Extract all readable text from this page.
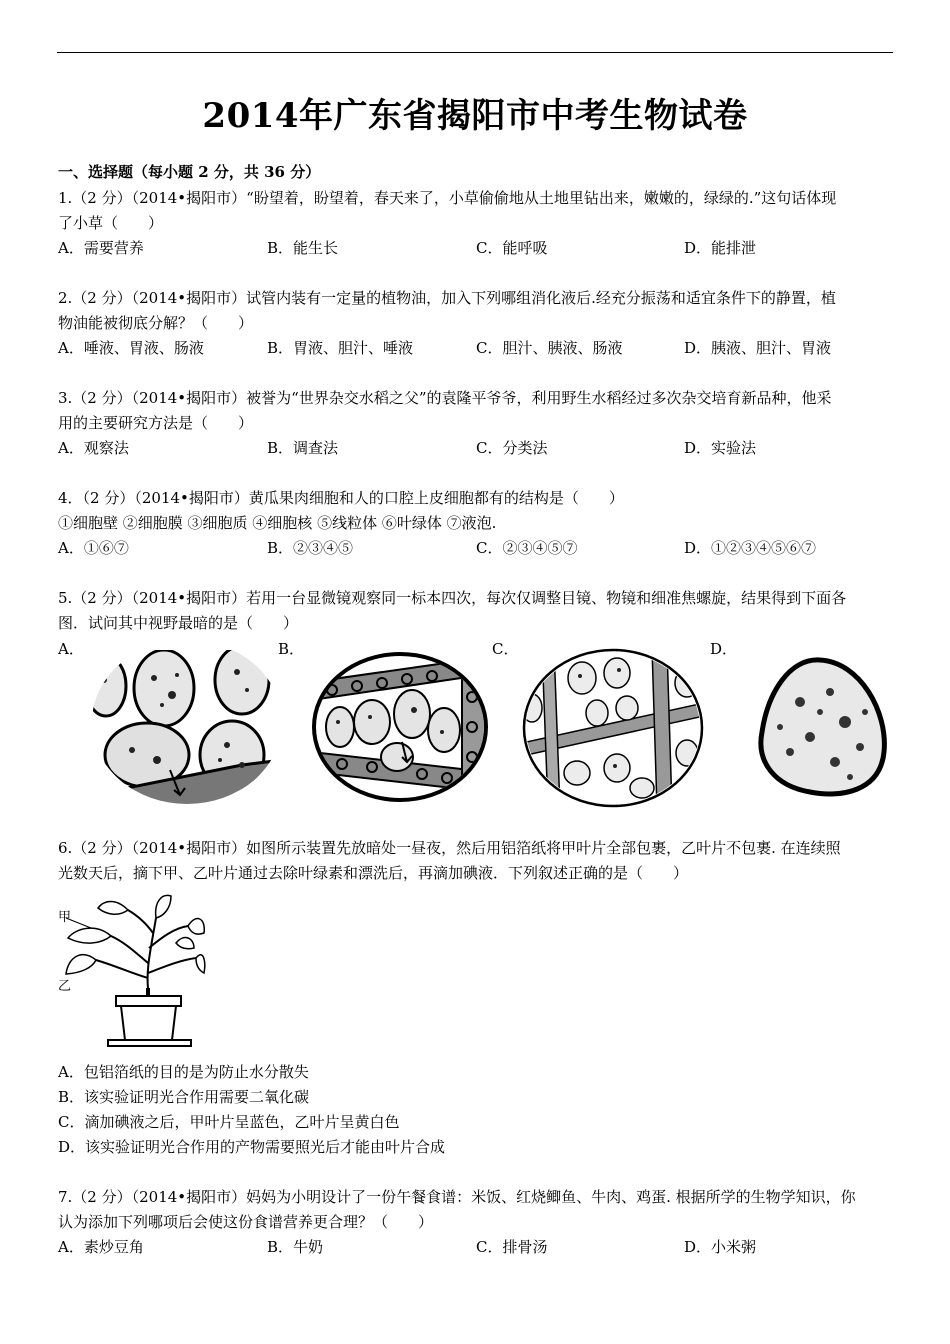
2014年广东省揭阳市中考生物试卷
一、选择题（每小题 2 分，共 36 分）
1.（2 分）（2014•揭阳市）“盼望着，盼望着，春天来了，小草偷偷地从土地里钻出来，嫩嫩的，绿绿的.”这句话体现
了小草（　　）
A．需要营养	B．能生长	C．能呼吸	D．能排泄
2.（2 分）（2014•揭阳市）试管内装有一定量的植物油，加入下列哪组消化液后.经充分振荡和适宜条件下的静置，植
物油能被彻底分解？（　　）
A．唾液、胃液、肠液	B．胃液、胆汁、唾液	C．胆汁、胰液、肠液	D．胰液、胆汁、胃液
3.（2 分）（2014•揭阳市）被誉为“世界杂交水稻之父”的袁隆平爷爷，利用野生水稻经过多次杂交培育新品种，他采
用的主要研究方法是（　　）
A．观察法	B．调查法	C．分类法	D．实验法
4．（2 分）（2014•揭阳市）黄瓜果肉细胞和人的口腔上皮细胞都有的结构是（　　）
①细胞壁 ②细胞膜 ③细胞质 ④细胞核 ⑤线粒体 ⑥叶绿体 ⑦液泡.
A．①⑥⑦	B．②③④⑤	C．②③④⑤⑦	D．①②③④⑤⑥⑦
5.（2 分）（2014•揭阳市）若用一台显微镜观察同一标本四次，每次仅调整目镜、物镜和细准焦螺旋，结果得到下面各
图．试问其中视野最暗的是（　　）
A．	B．	C．	D．
6.（2 分）（2014•揭阳市）如图所示装置先放暗处一昼夜，然后用铝箔纸将甲叶片全部包裹，乙叶片不包裹. 在连续照
光数天后，摘下甲、乙叶片通过去除叶绿素和漂洗后，再滴加碘液．下列叙述正确的是（　　）
甲
乙
A．包铝箔纸的目的是为防止水分散失
B．该实验证明光合作用需要二氧化碳
C．滴加碘液之后，甲叶片呈蓝色，乙叶片呈黄白色
D．该实验证明光合作用的产物需要照光后才能由叶片合成
7.（2 分）（2014•揭阳市）妈妈为小明设计了一份午餐食谱：米饭、红烧鲫鱼、牛肉、鸡蛋. 根据所学的生物学知识，你
认为添加下列哪项后会使这份食谱营养更合理？（　　）
A．素炒豆角	B．牛奶	C．排骨汤	D．小米粥
